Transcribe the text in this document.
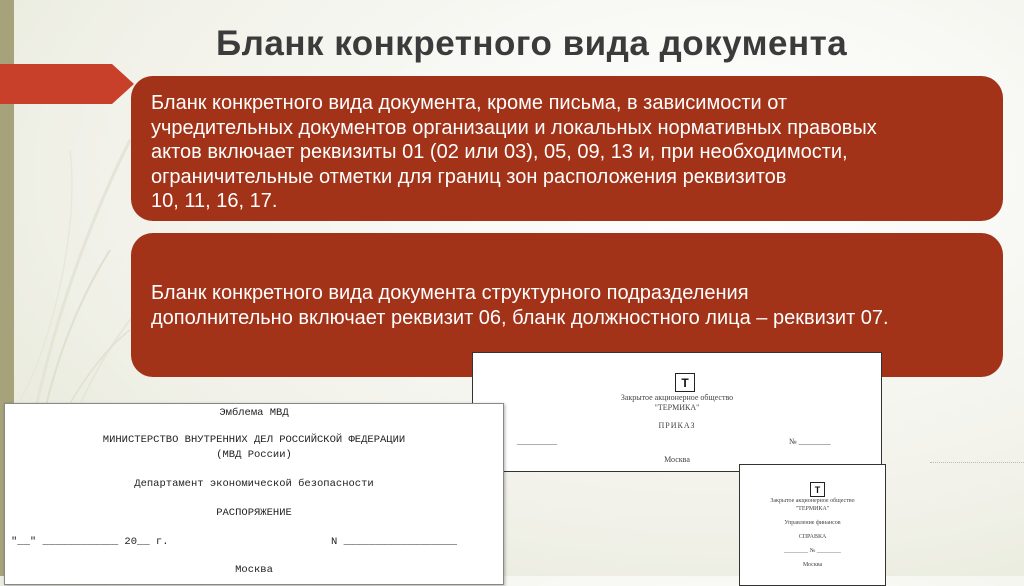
Бланк конкретного вида документа

Бланк конкретного вида документа, кроме письма, в зависимости от
учредительных документов организации и локальных нормативных правовых
актов включает реквизиты 01 (02 или 03), 05, 09, 13 и, при необходимости,
ограничительные отметки для границ зон расположения реквизитов
10, 11, 16, 17.

Бланк конкретного вида документа структурного подразделения
дополнительно включает реквизит 06, бланк должностного лица – реквизит 07.

T
Закрытое акционерное общество
"ТЕРМИКА"
ПРИКАЗ
__________	№ ________
Москва
T
Закрытое акционерное общество
"ТЕРМИКА"
Управление финансов
СПРАВКА
________ № ________
Москва
Эмблема МВД
МИНИСТЕРСТВО ВНУТРЕННИХ ДЕЛ РОССИЙСКОЙ ФЕДЕРАЦИИ
(МВД России)
Департамент экономической безопасности
РАСПОРЯЖЕНИЕ
"__" ____________ 20__ г.	N __________________
Москва
